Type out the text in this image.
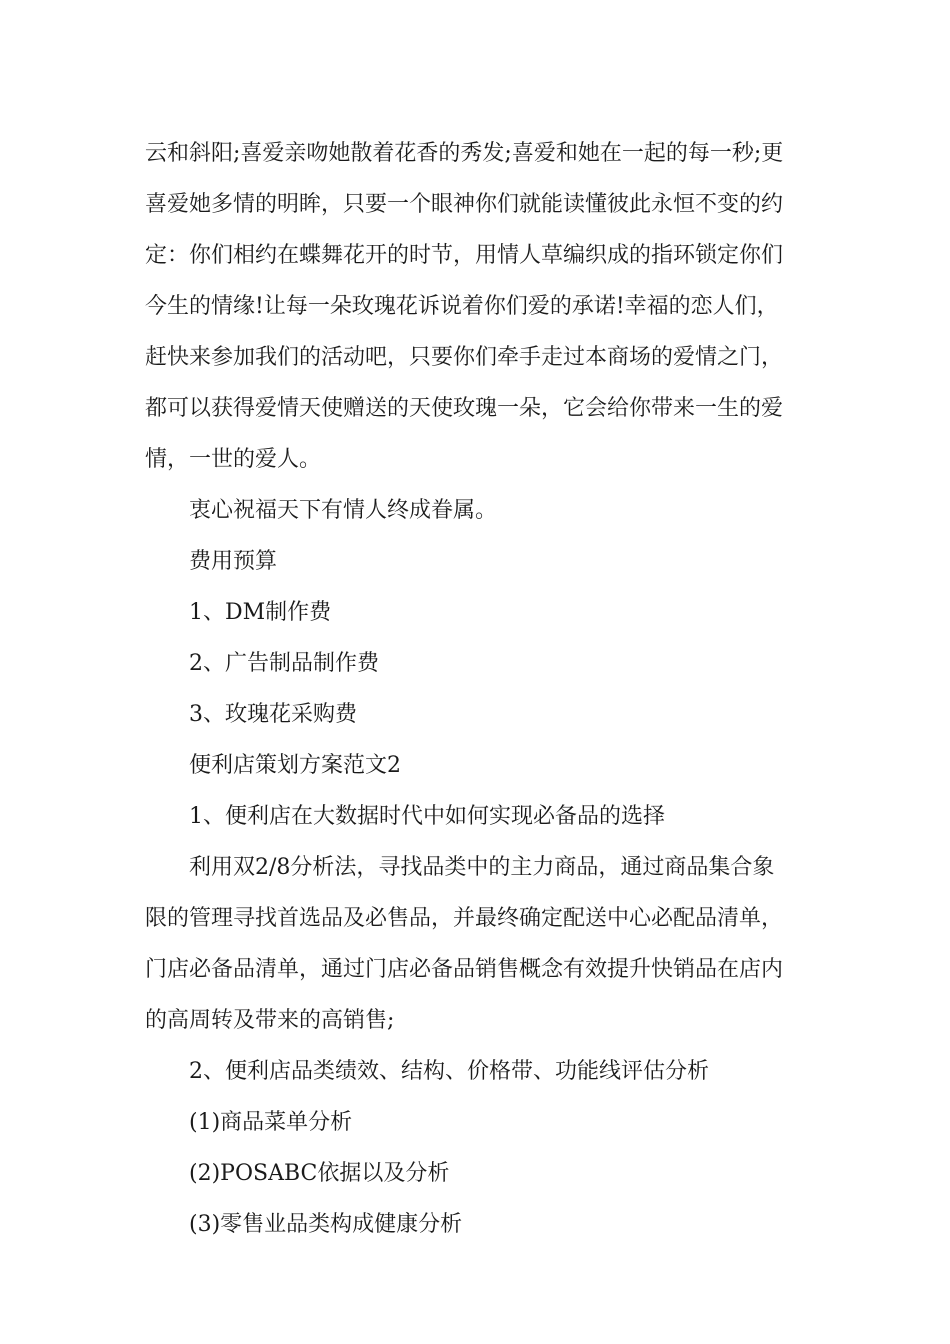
云和斜阳;喜爱亲吻她散着花香的秀发;喜爱和她在一起的每一秒;更

喜爱她多情的明眸，只要一个眼神你们就能读懂彼此永恒不变的约

定：你们相约在蝶舞花开的时节，用情人草编织成的指环锁定你们

今生的情缘!让每一朵玫瑰花诉说着你们爱的承诺!幸福的恋人们，

赶快来参加我们的活动吧，只要你们牵手走过本商场的爱情之门，

都可以获得爱情天使赠送的天使玫瑰一朵，它会给你带来一生的爱

情，一世的爱人。

衷心祝福天下有情人终成眷属。

费用预算

1、DM制作费

2、广告制品制作费

3、玫瑰花采购费

便利店策划方案范文2

1、便利店在大数据时代中如何实现必备品的选择

利用双2/8分析法，寻找品类中的主力商品，通过商品集合象

限的管理寻找首选品及必售品，并最终确定配送中心必配品清单，

门店必备品清单，通过门店必备品销售概念有效提升快销品在店内

的高周转及带来的高销售;

2、便利店品类绩效、结构、价格带、功能线评估分析

(1)商品菜单分析

(2)POSABC依据以及分析

(3)零售业品类构成健康分析
